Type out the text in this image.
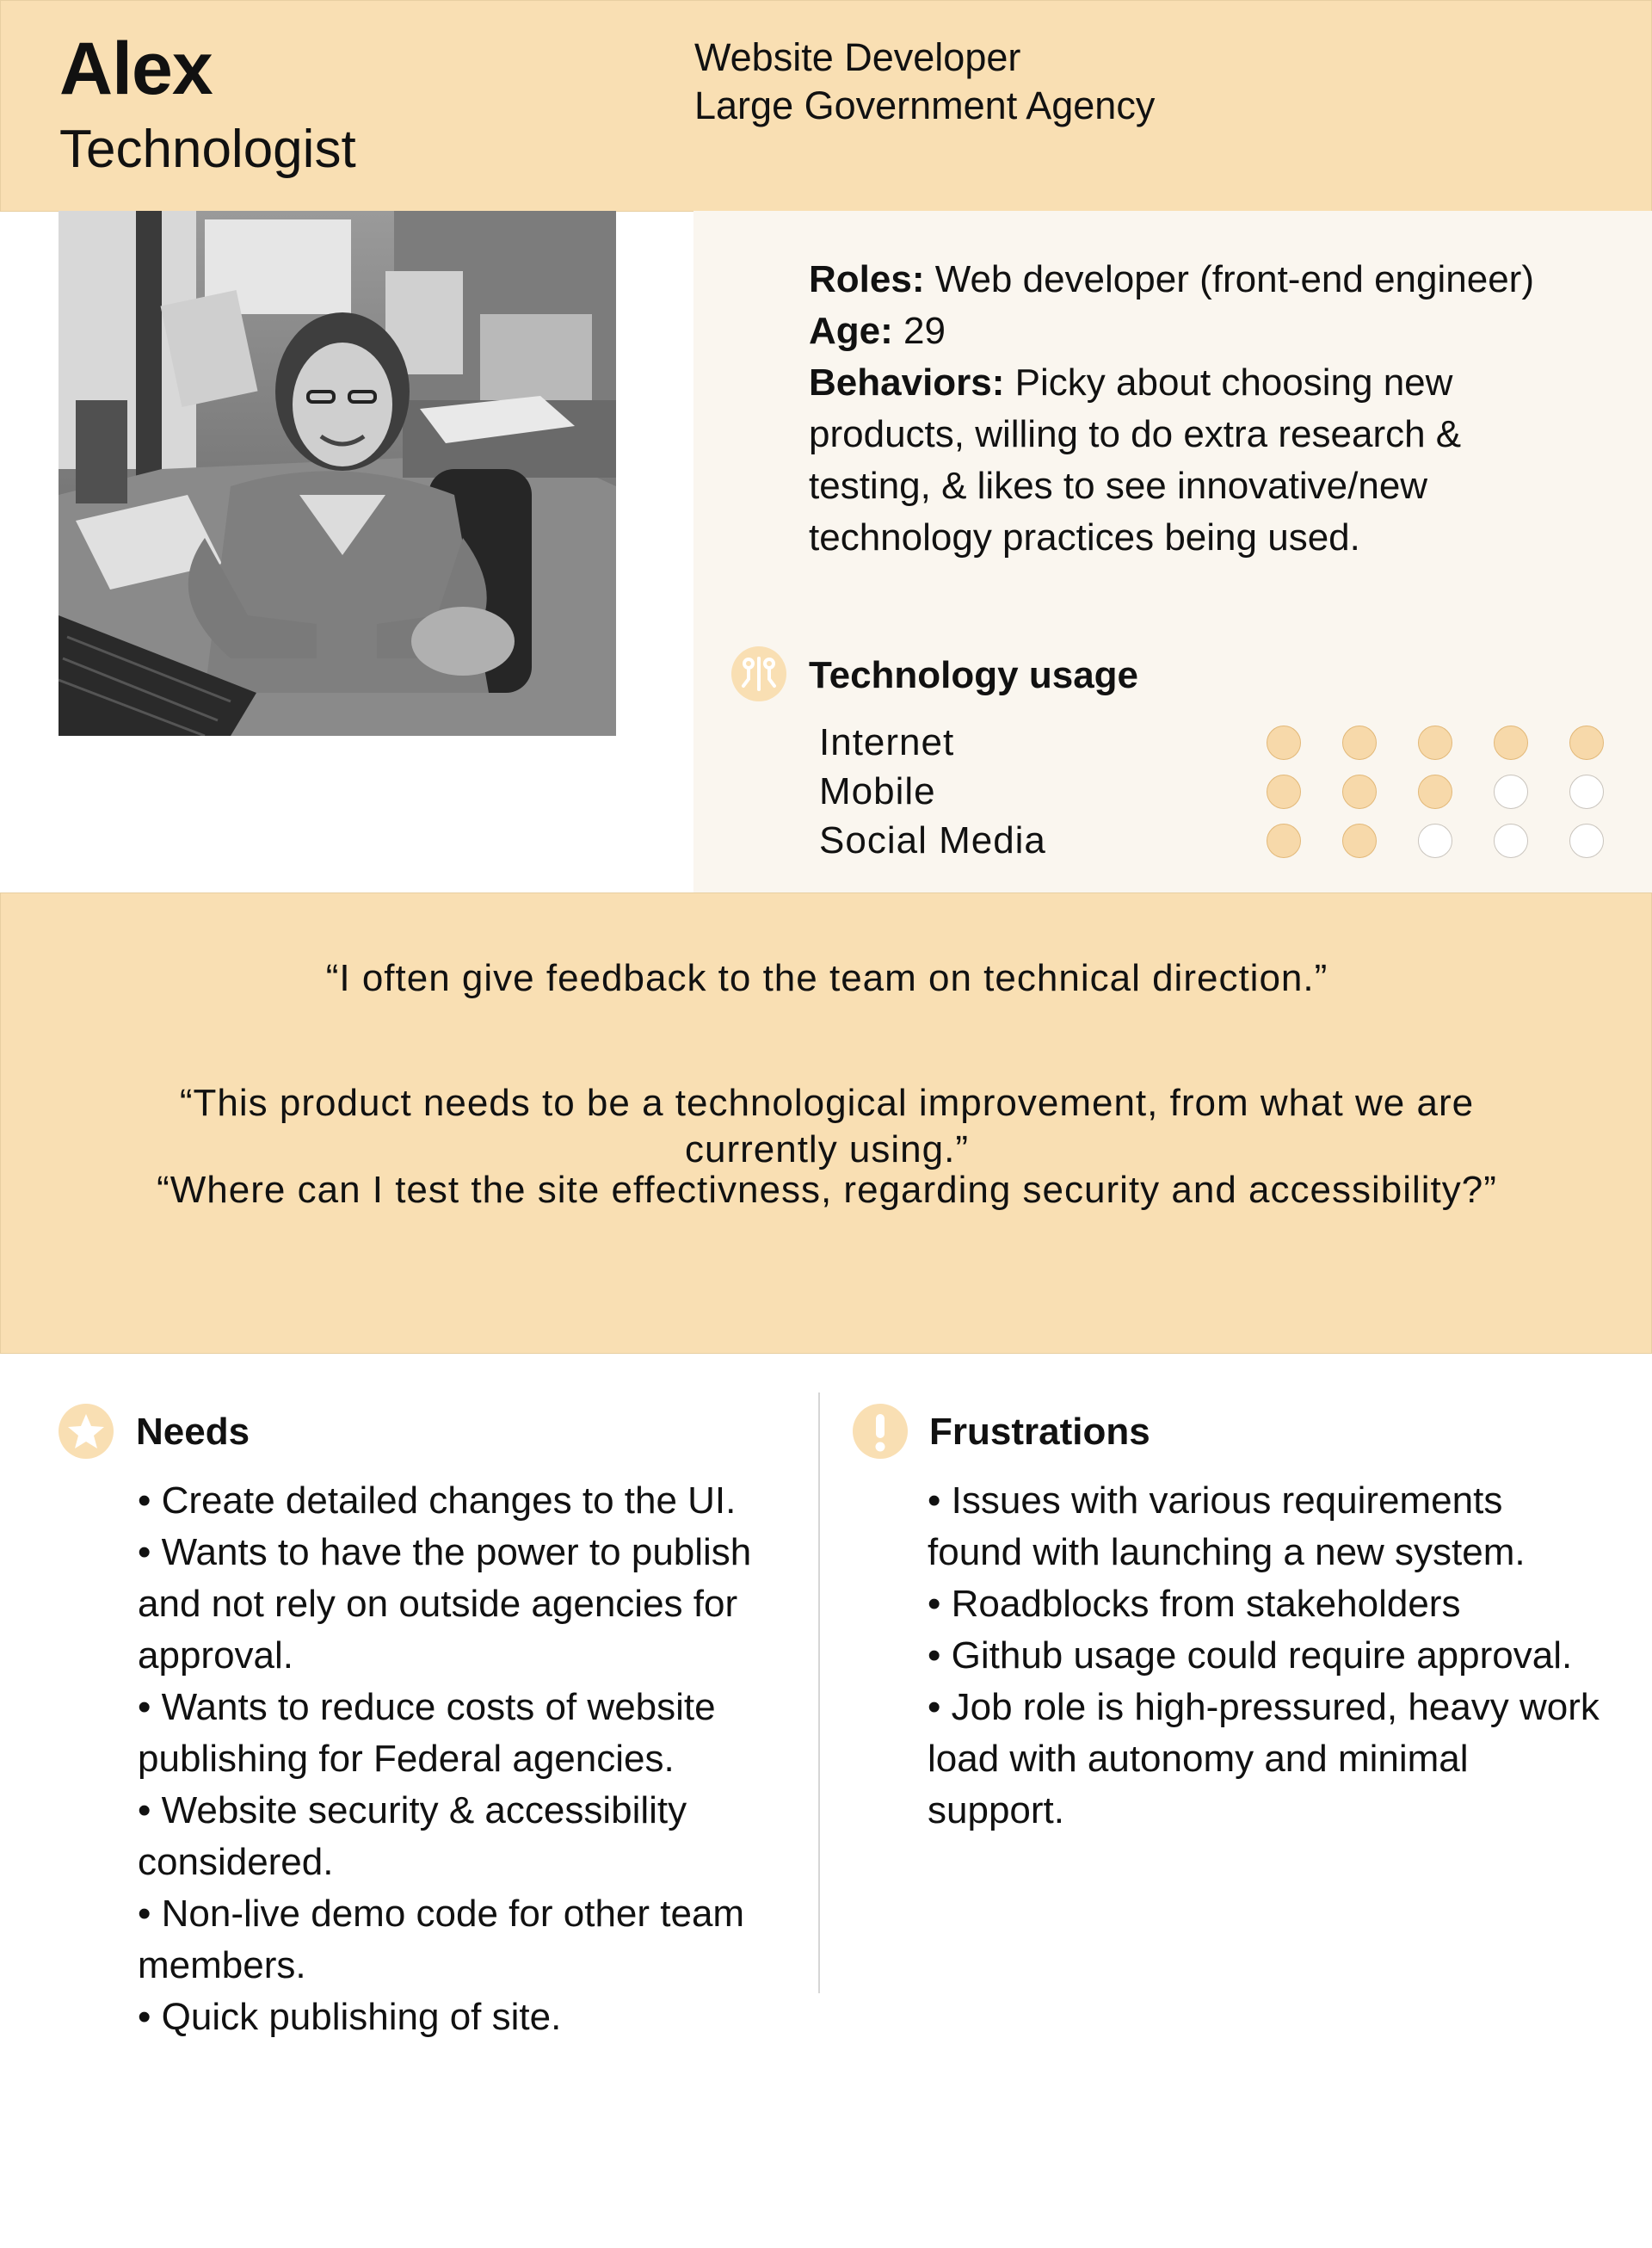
Alex
Technologist
Website Developer
Large Government Agency

Roles: Web developer (front-end engineer)

Age: 29

Behaviors: Picky about choosing new products, willing to do extra research & testing, & likes to see innovative/new technology practices being used.

Technology usage
Internet
Mobile
Social Media
“I often give feedback to the team on technical direction.”
“This product needs to be a technological improvement, from what we are currently using.”
“Where can I test the site effectivness, regarding security and accessibility?”
Needs
• Create detailed changes to the UI.
• Wants to have the power to publish and not rely on outside agencies for approval.
• Wants to reduce costs of website publishing for Federal agencies.
• Website security & accessibility considered.
• Non-live demo code for other team members.
• Quick publishing of site.
Frustrations
• Issues with various requirements found with launching a new system.
• Roadblocks from stakeholders
• Github usage could require approval.
• Job role is high-pressured, heavy work load with autonomy and minimal support.
